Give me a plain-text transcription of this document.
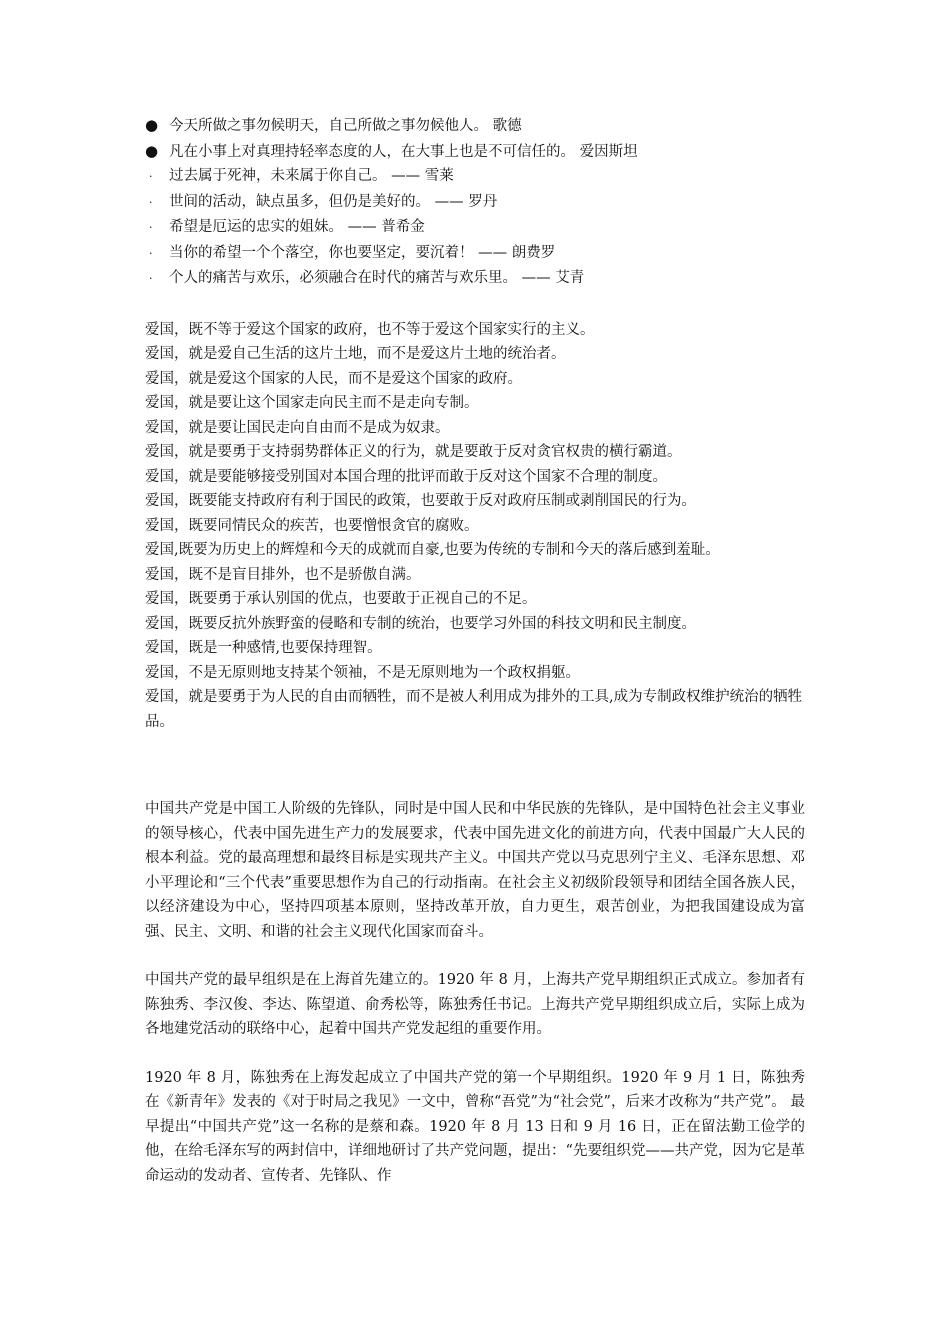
● 今天所做之事勿候明天，自己所做之事勿候他人。 歌德
● 凡在小事上对真理持轻率态度的人，在大事上也是不可信任的。 爱因斯坦
·	过去属于死神，未来属于你自己。 —— 雪莱
·	世间的活动，缺点虽多，但仍是美好的。 —— 罗丹
·	希望是厄运的忠实的姐妹。 —— 普希金
·	当你的希望一个个落空，你也要坚定，要沉着！ —— 朗费罗
·	个人的痛苦与欢乐，必须融合在时代的痛苦与欢乐里。 —— 艾青
爱国，既不等于爱这个国家的政府，也不等于爱这个国家实行的主义。
爱国，就是爱自己生活的这片土地，而不是爱这片土地的统治者。
爱国，就是爱这个国家的人民，而不是爱这个国家的政府。
爱国，就是要让这个国家走向民主而不是走向专制。
爱国，就是要让国民走向自由而不是成为奴隶。
爱国，就是要勇于支持弱势群体正义的行为，就是要敢于反对贪官权贵的横行霸道。
爱国，就是要能够接受别国对本国合理的批评而敢于反对这个国家不合理的制度。
爱国，既要能支持政府有利于国民的政策，也要敢于反对政府压制或剥削国民的行为。
爱国，既要同情民众的疾苦，也要憎恨贪官的腐败。
爱国,既要为历史上的辉煌和今天的成就而自豪,也要为传统的专制和今天的落后感到羞耻。
爱国，既不是盲目排外，也不是骄傲自满。
爱国，既要勇于承认别国的优点，也要敢于正视自己的不足。
爱国，既要反抗外族野蛮的侵略和专制的统治，也要学习外国的科技文明和民主制度。
爱国，既是一种感情,也要保持理智。
爱国，不是无原则地支持某个领袖，不是无原则地为一个政权捐躯。
爱国，就是要勇于为人民的自由而牺牲，而不是被人利用成为排外的工具,成为专制政权维护统治的牺牲品。

中国共产党是中国工人阶级的先锋队，同时是中国人民和中华民族的先锋队，是中国特色社会主义事业的领导核心，代表中国先进生产力的发展要求，代表中国先进文化的前进方向，代表中国最广大人民的根本利益。党的最高理想和最终目标是实现共产主义。中国共产党以马克思列宁主义、毛泽东思想、邓小平理论和“三个代表”重要思想作为自己的行动指南。在社会主义初级阶段领导和团结全国各族人民，以经济建设为中心，坚持四项基本原则，坚持改革开放，自力更生，艰苦创业，为把我国建设成为富强、民主、文明、和谐的社会主义现代化国家而奋斗。

中国共产党的最早组织是在上海首先建立的。1920 年 8 月，上海共产党早期组织正式成立。参加者有陈独秀、李汉俊、李达、陈望道、俞秀松等，陈独秀任书记。上海共产党早期组织成立后，实际上成为各地建党活动的联络中心，起着中国共产党发起组的重要作用。

1920 年 8 月，陈独秀在上海发起成立了中国共产党的第一个早期组织。1920 年 9 月 1 日，陈独秀在《新青年》发表的《对于时局之我见》一文中，曾称“吾党”为“社会党”，后来才改称为“共产党”。 最早提出“中国共产党”这一名称的是蔡和森。1920 年 8 月 13 日和 9 月 16 日，正在留法勤工俭学的他，在给毛泽东写的两封信中，详细地研讨了共产党问题，提出：“先要组织党——共产党，因为它是革命运动的发动者、宣传者、先锋队、作
